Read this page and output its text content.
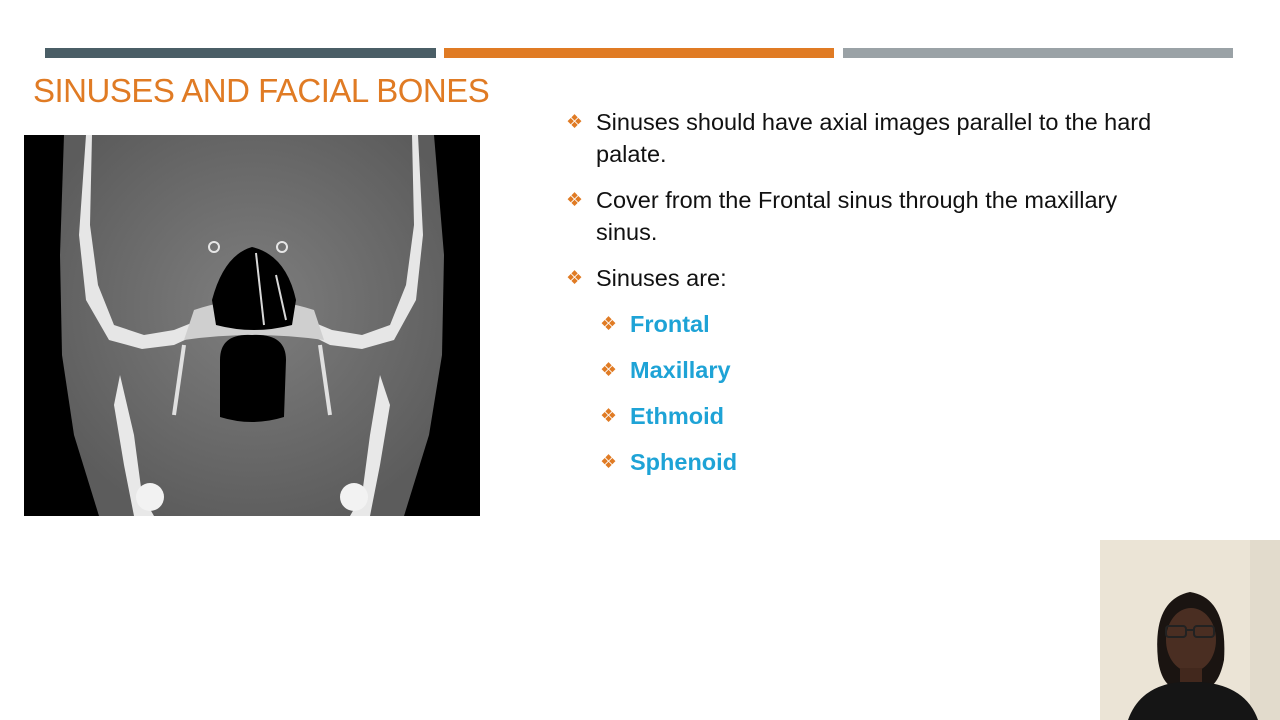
SINUSES AND FACIAL BONES
❖ Sinuses should have axial images parallel to the hard palate.
❖ Cover from the Frontal sinus through the maxillary sinus.
❖ Sinuses are:
❖ Frontal
❖ Maxillary
❖ Ethmoid
❖ Sphenoid
